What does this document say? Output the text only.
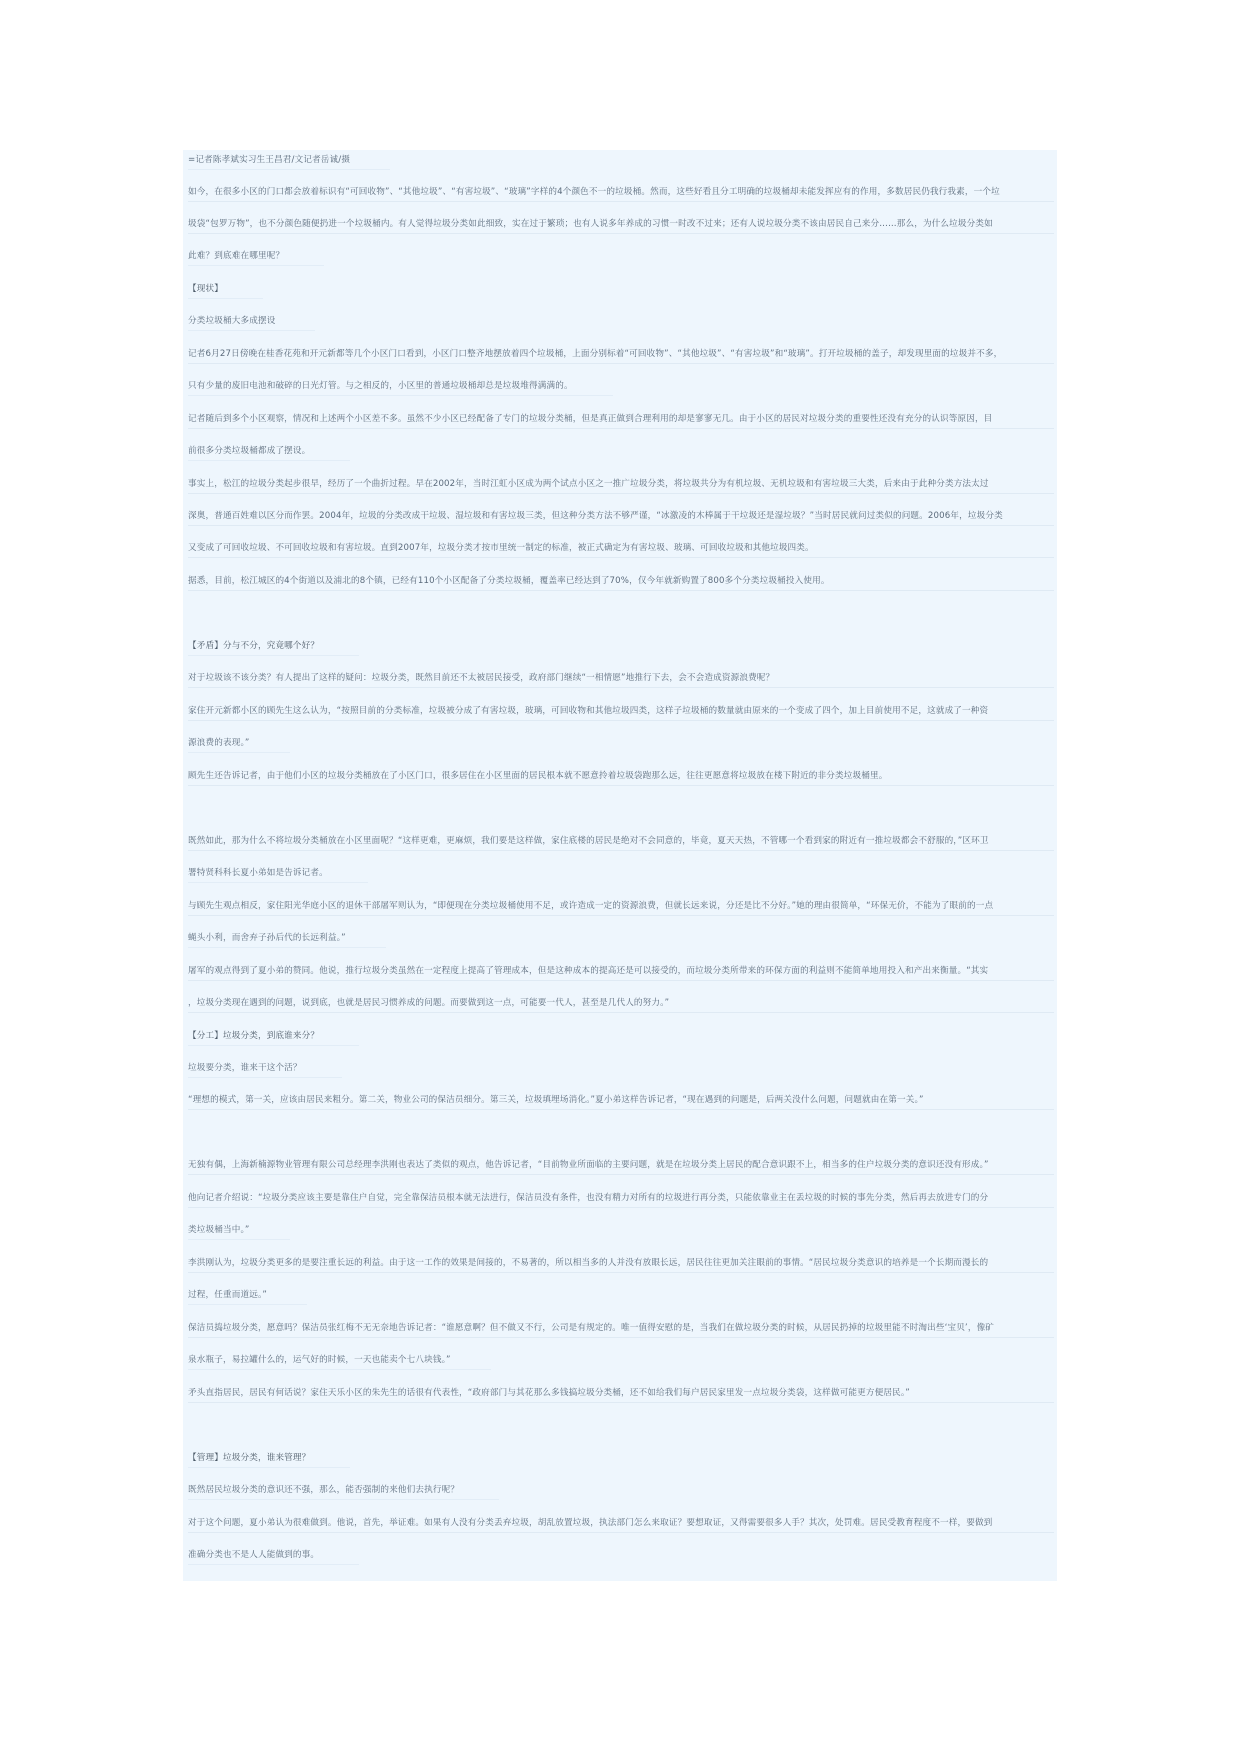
=记者陈孝斌实习生王昌君/文记者岳诚/摄
如今，在很多小区的门口都会放着标识有“可回收物”、“其他垃圾”、“有害垃圾”、“玻璃”字样的4个颜色不一的垃圾桶。然而，这些好看且分工明确的垃圾桶却未能发挥应有的作用，多数居民仍我行我素，一个垃
圾袋“包罗万物”，也不分颜色随便扔进一个垃圾桶内。有人觉得垃圾分类如此细致，实在过于繁琐；也有人说多年养成的习惯一时改不过来；还有人说垃圾分类不该由居民自己来分……那么，为什么垃圾分类如
此难？到底难在哪里呢？
【现状】
分类垃圾桶大多成摆设
记者6月27日傍晚在桂香花苑和开元新都等几个小区门口看到，小区门口整齐地摆放着四个垃圾桶，上面分别标着“可回收物”、“其他垃圾”、“有害垃圾”和“玻璃”。打开垃圾桶的盖子，却发现里面的垃圾并不多，
只有少量的废旧电池和破碎的日光灯管。与之相反的，小区里的普通垃圾桶却总是垃圾堆得满满的。
记者随后到多个小区观察，情况和上述两个小区差不多。虽然不少小区已经配备了专门的垃圾分类桶，但是真正做到合理利用的却是寥寥无几。由于小区的居民对垃圾分类的重要性还没有充分的认识等原因，目
前很多分类垃圾桶都成了摆设。
事实上，松江的垃圾分类起步很早，经历了一个曲折过程。早在2002年，当时江虹小区成为两个试点小区之一推广垃圾分类，将垃圾共分为有机垃圾、无机垃圾和有害垃圾三大类，后来由于此种分类方法太过
深奥，普通百姓难以区分而作罢。2004年，垃圾的分类改成干垃圾、湿垃圾和有害垃圾三类，但这种分类方法不够严谨，“冰激凌的木棒属于干垃圾还是湿垃圾？”当时居民就问过类似的问题。2006年，垃圾分类
又变成了可回收垃圾、不可回收垃圾和有害垃圾。直到2007年，垃圾分类才按市里统一制定的标准，被正式确定为有害垃圾、玻璃、可回收垃圾和其他垃圾四类。
据悉，目前，松江城区的4个街道以及浦北的8个镇，已经有110个小区配备了分类垃圾桶，覆盖率已经达到了70%，仅今年就新购置了800多个分类垃圾桶投入使用。
【矛盾】分与不分，究竟哪个好？
对于垃圾该不该分类？有人提出了这样的疑问：垃圾分类，既然目前还不太被居民接受，政府部门继续“一相情愿”地推行下去，会不会造成资源浪费呢？
家住开元新都小区的顾先生这么认为，“按照目前的分类标准，垃圾被分成了有害垃圾，玻璃，可回收物和其他垃圾四类，这样子垃圾桶的数量就由原来的一个变成了四个，加上目前使用不足，这就成了一种资
源浪费的表现。”
顾先生还告诉记者，由于他们小区的垃圾分类桶放在了小区门口，很多居住在小区里面的居民根本就不愿意拎着垃圾袋跑那么远，往往更愿意将垃圾放在楼下附近的非分类垃圾桶里。
既然如此，那为什么不将垃圾分类桶放在小区里面呢？“这样更难，更麻烦，我们要是这样做，家住底楼的居民是绝对不会同意的，毕竟，夏天天热，不管哪一个看到家的附近有一推垃圾都会不舒服的，”区环卫
署特贤科科长夏小弟如是告诉记者。
与顾先生观点相反，家住阳光华庭小区的退休干部屠军则认为，“即便现在分类垃圾桶使用不足，或许造成一定的资源浪费，但就长远来说，分还是比不分好。”她的理由很简单，“环保无价，不能为了眼前的一点
蝇头小利，而舍弃子孙后代的长远利益。”
屠军的观点得到了夏小弟的赞同。他说，推行垃圾分类虽然在一定程度上提高了管理成本，但是这种成本的提高还是可以接受的，而垃圾分类所带来的环保方面的利益则不能简单地用投入和产出来衡量。“其实
，垃圾分类现在遇到的问题，说到底，也就是居民习惯养成的问题。而要做到这一点，可能要一代人，甚至是几代人的努力。”
【分工】垃圾分类，到底谁来分？
垃圾要分类，谁来干这个活？
“理想的模式，第一关，应该由居民来粗分。第二关，物业公司的保洁员细分。第三关，垃圾填埋场消化。”夏小弟这样告诉记者，“现在遇到的问题是，后两关没什么问题，问题就由在第一关。”
无独有偶，上海新楠源物业管理有限公司总经理李洪刚也表达了类似的观点，他告诉记者，“目前物业所面临的主要问题，就是在垃圾分类上居民的配合意识跟不上，相当多的住户垃圾分类的意识还没有形成。”
他向记者介绍说：“垃圾分类应该主要是靠住户自觉，完全靠保洁员根本就无法进行，保洁员没有条件，也没有精力对所有的垃圾进行再分类，只能依靠业主在丢垃圾的时候的事先分类，然后再去放进专门的分
类垃圾桶当中。”
李洪刚认为，垃圾分类更多的是要注重长远的利益。由于这一工作的效果是间接的，不易著的，所以相当多的人并没有放眼长远，居民往往更加关注眼前的事情。“居民垃圾分类意识的培养是一个长期而漫长的
过程，任重而道远。”
保洁员捣垃圾分类，愿意吗？保洁员张红梅不无无奈地告诉记者：“谁愿意啊？但不做又不行，公司是有规定的。唯一值得安慰的是，当我们在做垃圾分类的时候，从居民扔掉的垃圾里能不时淘出些‘宝贝’，像矿
泉水瓶子，易拉罐什么的，运气好的时候，一天也能卖个七八块钱。”
矛头直指居民，居民有何话说？家住天乐小区的朱先生的话很有代表性，“政府部门与其花那么多钱搞垃圾分类桶，还不如给我们每户居民家里发一点垃圾分类袋，这样做可能更方便居民。”
【管理】垃圾分类，谁来管理？
既然居民垃圾分类的意识还不强，那么，能否强制的来他们去执行呢？
对于这个问题，夏小弟认为很难做到。他说，首先，举证难。如果有人没有分类丢弃垃圾，胡乱放置垃圾，执法部门怎么来取证？要想取证，又得需要很多人手？其次，处罚难。居民受教育程度不一样，要做到
准确分类也不是人人能做到的事。
